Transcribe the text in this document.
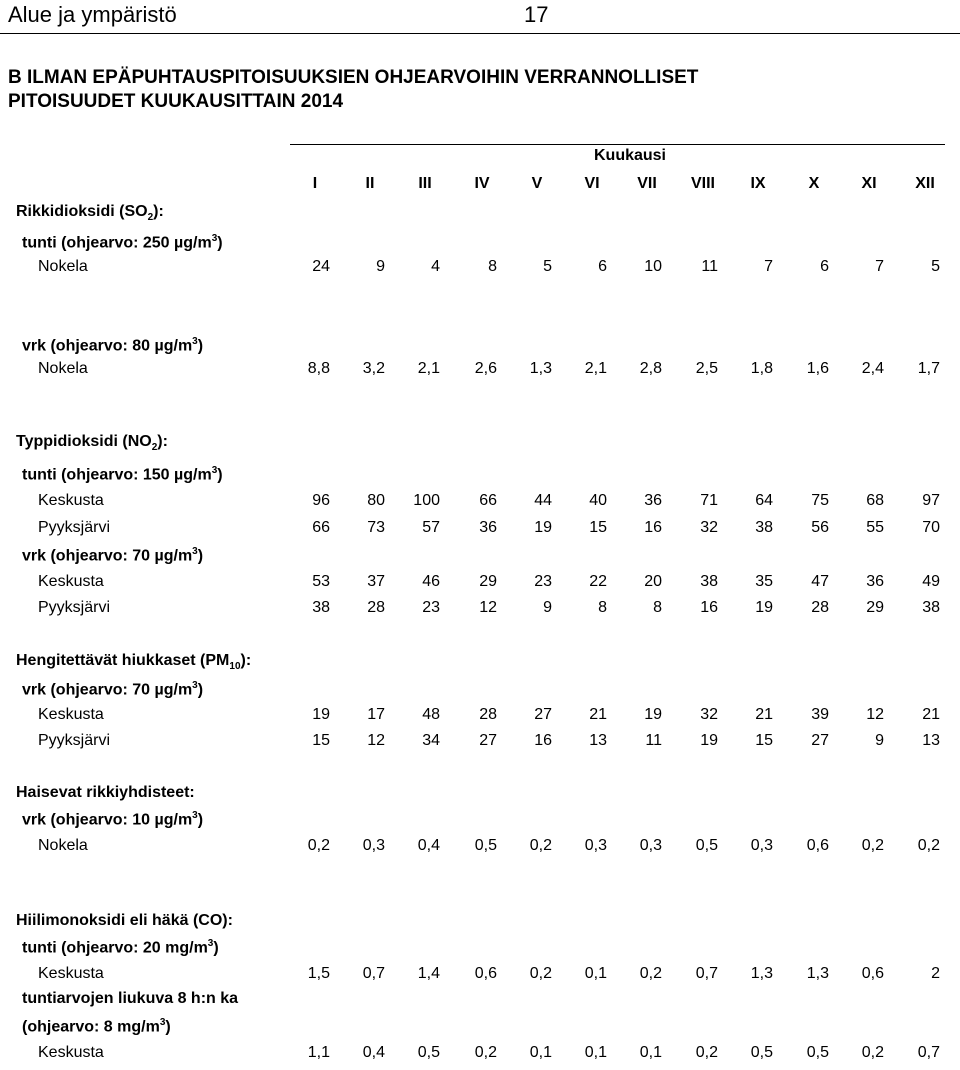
Alue ja ympäristö	17
B ILMAN EPÄPUHTAUSPITOISUUKSIEN OHJEARVOIHIN VERRANNOLLISET
PITOISUUDET KUUKAUSITTAIN 2014
Kuukausi
I	II	III	IV	V	VI	VII	VIII	IX	X	XI	XII
Rikkidioksidi $(SO_2)$:
tunti (ohjearvo: 250 $\mu g/m^3$)
Nokela	24	9	4	8	5	6	10	11	7	6	7	5
vrk (ohjearvo: 80 $\mu g/m^3$)
Nokela	8,8	3,2	2,1	2,6	1,3	2,1	2,8	2,5	1,8	1,6	2,4	1,7
Typpidioksidi $(NO_2)$:
tunti (ohjearvo: 150 $\mu g/m^3$)
Keskusta	96	80	100	66	44	40	36	71	64	75	68	97
Pyyksjärvi	66	73	57	36	19	15	16	32	38	56	55	70
vrk (ohjearvo: 70 $\mu g/m^3$)
Keskusta	53	37	46	29	23	22	20	38	35	47	36	49
Pyyksjärvi	38	28	23	12	9	8	8	16	19	28	29	38
Hengitettävät hiukkaset $(PM_{10})$:
vrk (ohjearvo: 70 $\mu g/m^3$)
Keskusta	19	17	48	28	27	21	19	32	21	39	12	21
Pyyksjärvi	15	12	34	27	16	13	11	19	15	27	9	13
Haisevat rikkiyhdisteet:
vrk (ohjearvo: 10 $\mu g/m^3$)
Nokela	0,2	0,3	0,4	0,5	0,2	0,3	0,3	0,5	0,3	0,6	0,2	0,2
Hiilimonoksidi eli häkä (CO):
tunti (ohjearvo: 20 $mg/m^3$)
Keskusta	1,5	0,7	1,4	0,6	0,2	0,1	0,2	0,7	1,3	1,3	0,6	2
tuntiarvojen liukuva 8 h:n ka
(ohjearvo: 8 $mg/m^3$)
Keskusta	1,1	0,4	0,5	0,2	0,1	0,1	0,1	0,2	0,5	0,5	0,2	0,7
